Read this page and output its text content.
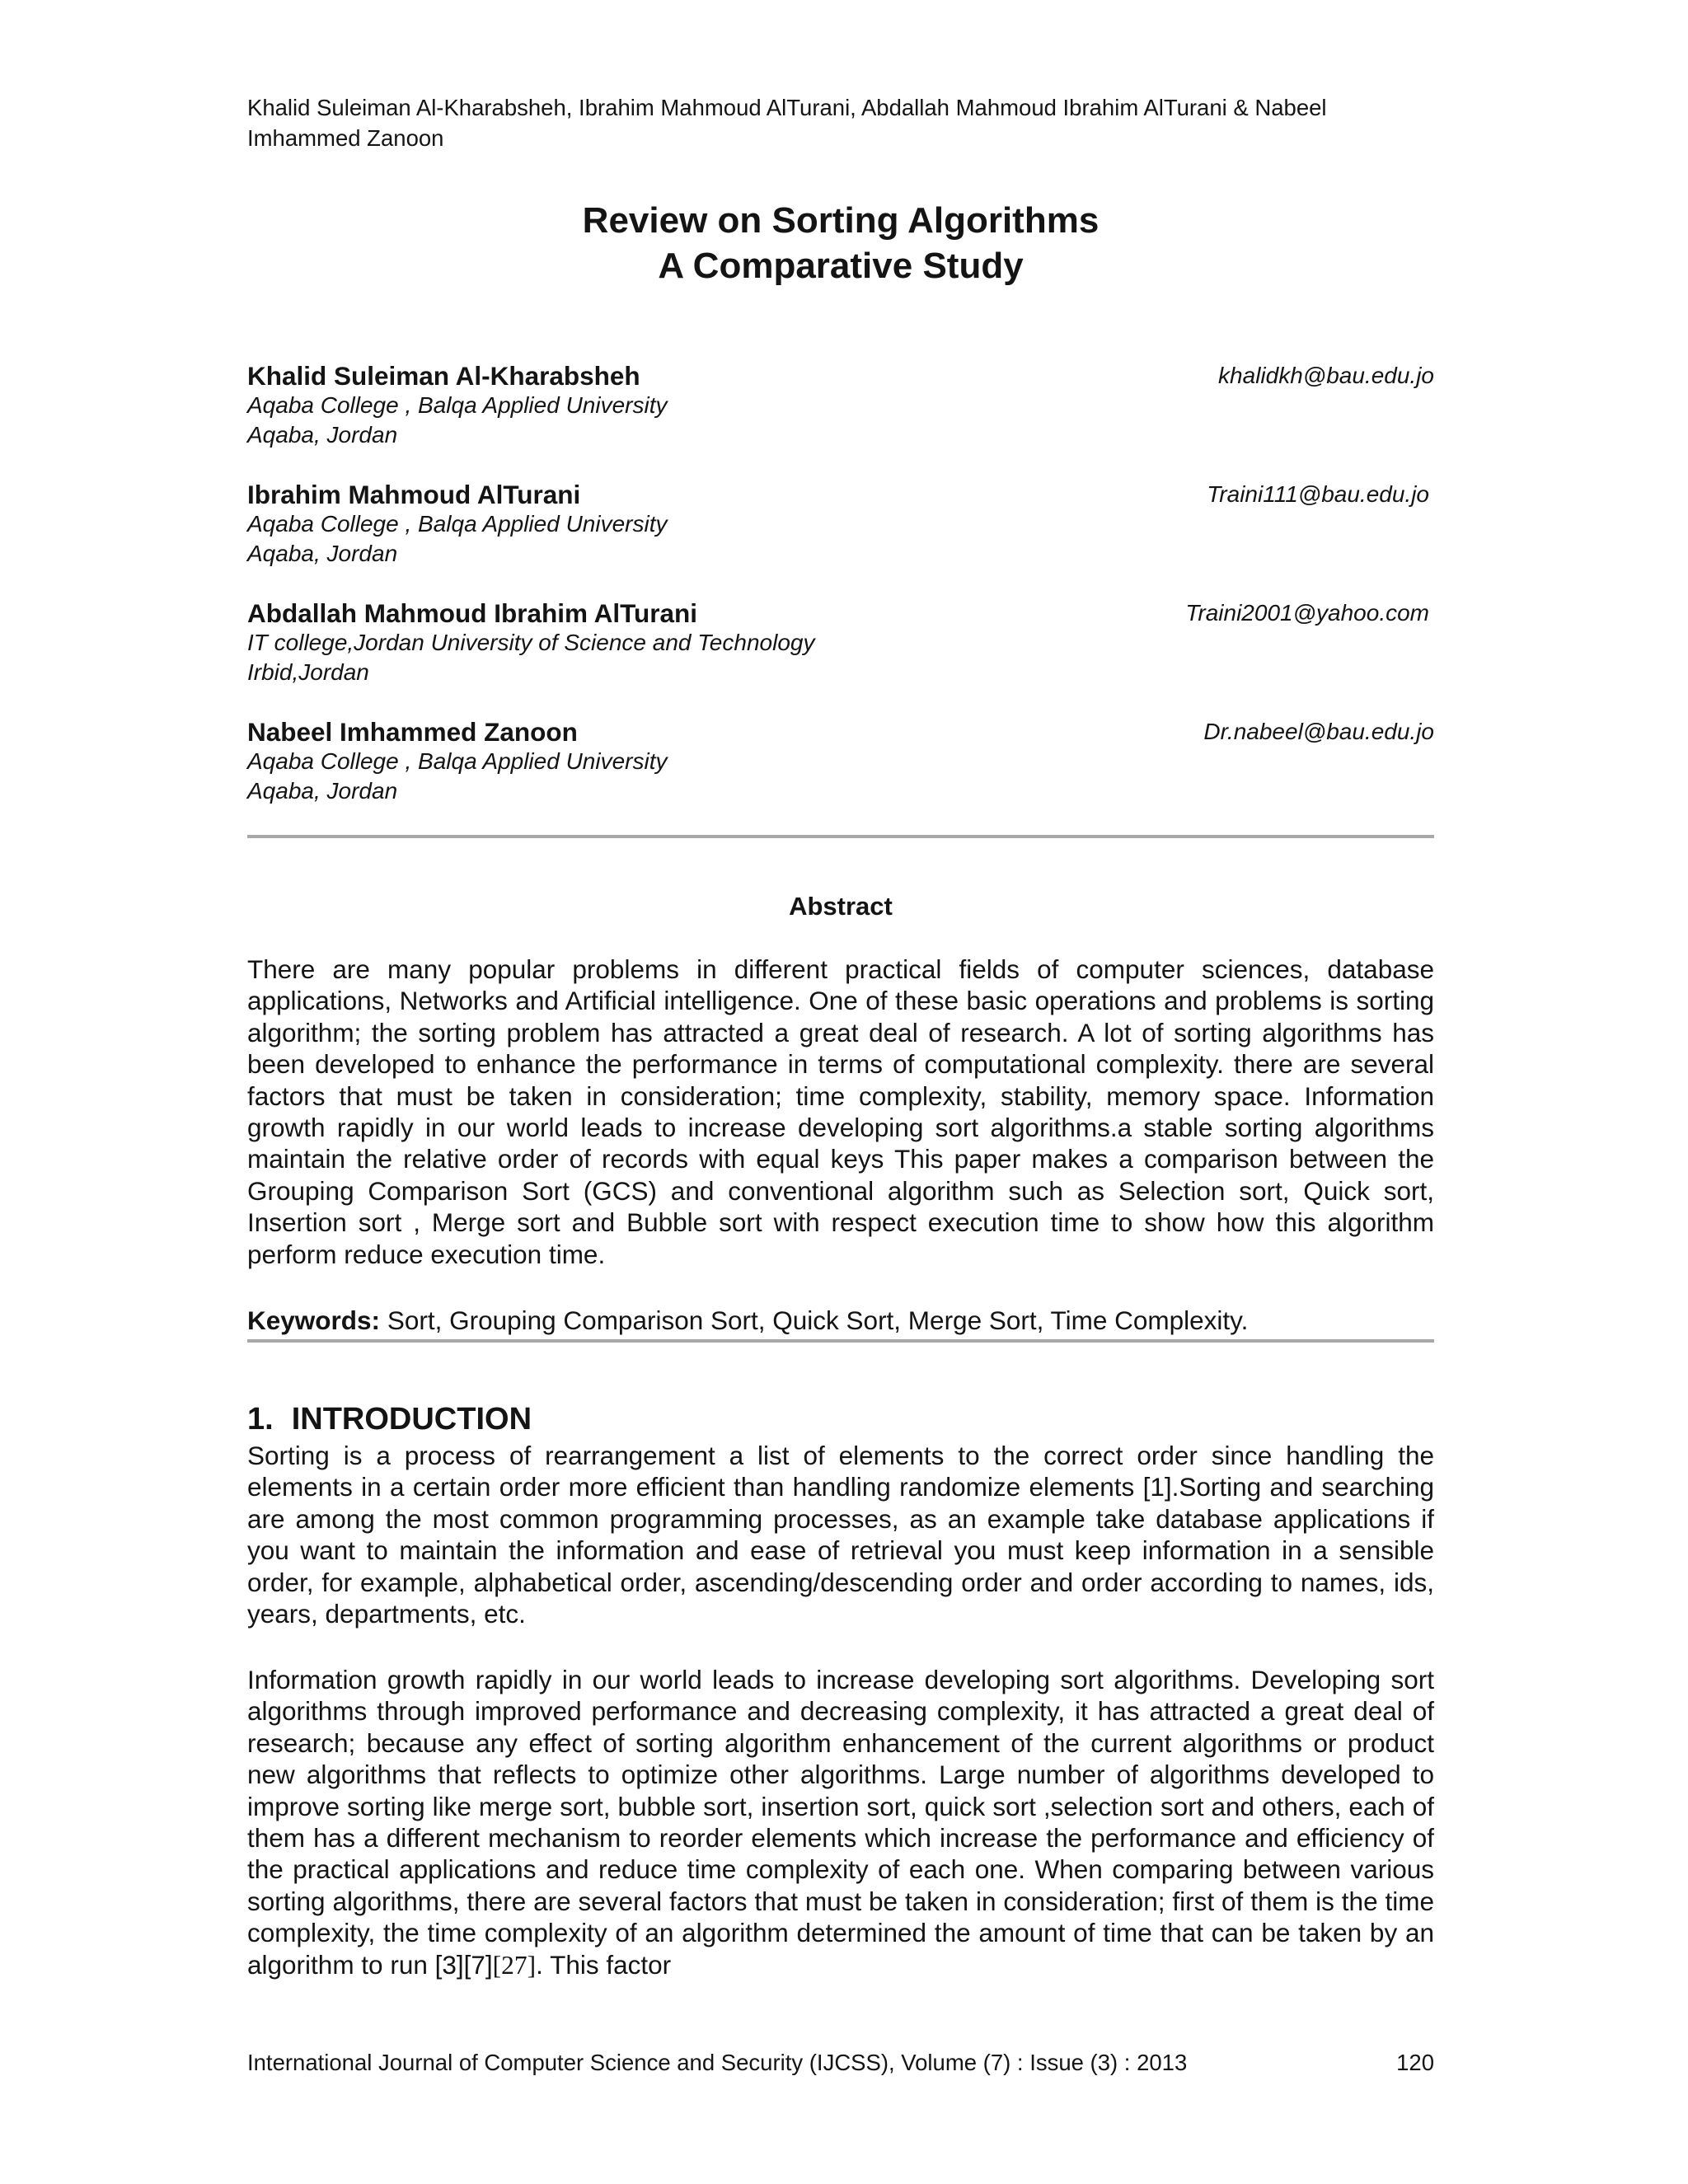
Khalid Suleiman Al-Kharabsheh, Ibrahim Mahmoud AlTurani, Abdallah Mahmoud Ibrahim AlTurani & Nabeel Imhammed Zanoon
Review on Sorting Algorithms
A Comparative Study
Khalid Suleiman Al-Kharabsheh
Aqaba College , Balqa Applied University
Aqaba, Jordan
khalidkh@bau.edu.jo
Ibrahim Mahmoud AlTurani
Aqaba College , Balqa Applied University
Aqaba, Jordan
Traini111@bau.edu.jo
Abdallah Mahmoud Ibrahim AlTurani
IT college,Jordan University of Science and Technology
Irbid,Jordan
Traini2001@yahoo.com
Nabeel Imhammed Zanoon
Aqaba College , Balqa Applied University
Aqaba, Jordan
Dr.nabeel@bau.edu.jo
Abstract
There are many popular problems in different practical fields of computer sciences, database applications, Networks and Artificial intelligence. One of these basic operations and problems is sorting algorithm; the sorting problem has attracted a great deal of research. A lot of sorting algorithms has been developed to enhance the performance in terms of computational complexity. there are several factors that must be taken in consideration; time complexity, stability, memory space. Information growth rapidly in our world leads to increase developing sort algorithms.a stable sorting algorithms maintain the relative order of records with equal keys This paper makes a comparison between the Grouping Comparison Sort (GCS) and conventional algorithm such as Selection sort, Quick sort, Insertion sort , Merge sort and Bubble sort with respect execution time to show how this algorithm perform reduce execution time.
Keywords: Sort, Grouping Comparison Sort, Quick Sort, Merge Sort, Time Complexity.
1. INTRODUCTION
Sorting is a process of rearrangement a list of elements to the correct order since handling the elements in a certain order more efficient than handling randomize elements [1].Sorting and searching are among the most common programming processes, as an example take database applications if you want to maintain the information and ease of retrieval you must keep information in a sensible order, for example, alphabetical order, ascending/descending order and order according to names, ids, years, departments, etc.
Information growth rapidly in our world leads to increase developing sort algorithms. Developing sort algorithms through improved performance and decreasing complexity, it has attracted a great deal of research; because any effect of sorting algorithm enhancement of the current algorithms or product new algorithms that reflects to optimize other algorithms. Large number of algorithms developed to improve sorting like merge sort, bubble sort, insertion sort, quick sort ,selection sort and others, each of them has a different mechanism to reorder elements which increase the performance and efficiency of the practical applications and reduce time complexity of each one. When comparing between various sorting algorithms, there are several factors that must be taken in consideration; first of them is the time complexity, the time complexity of an algorithm determined the amount of time that can be taken by an algorithm to run [3][7][27]. This factor
International Journal of Computer Science and Security (IJCSS), Volume (7) : Issue (3) : 2013	120
